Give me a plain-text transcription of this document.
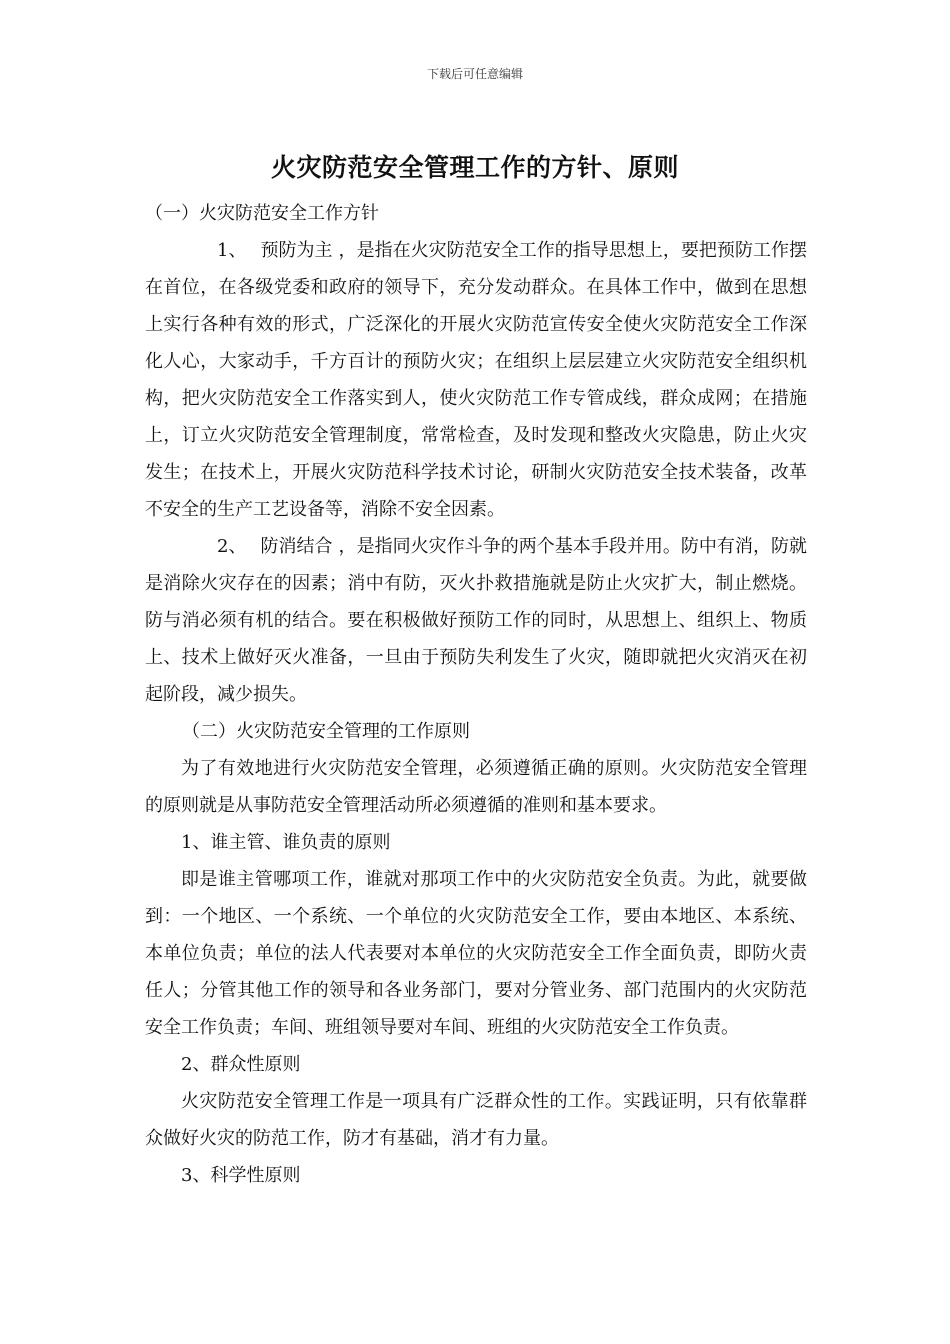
下载后可任意编辑
火灾防范安全管理工作的方针、原则

（一）火灾防范安全工作方针

1、 预防为主 ，是指在火灾防范安全工作的指导思想上，要把预防工作摆在首位，在各级党委和政府的领导下，充分发动群众。在具体工作中，做到在思想上实行各种有效的形式，广泛深化的开展火灾防范宣传安全使火灾防范安全工作深化人心，大家动手，千方百计的预防火灾；在组织上层层建立火灾防范安全组织机构，把火灾防范安全工作落实到人，使火灾防范工作专管成线，群众成网；在措施上，订立火灾防范安全管理制度，常常检查，及时发现和整改火灾隐患，防止火灾发生；在技术上，开展火灾防范科学技术讨论，研制火灾防范安全技术装备，改革不安全的生产工艺设备等，消除不安全因素。

2、 防消结合 ，是指同火灾作斗争的两个基本手段并用。防中有消，防就是消除火灾存在的因素；消中有防，灭火扑救措施就是防止火灾扩大，制止燃烧。防与消必须有机的结合。要在积极做好预防工作的同时，从思想上、组织上、物质上、技术上做好灭火准备，一旦由于预防失利发生了火灾，随即就把火灾消灭在初起阶段，减少损失。

（二）火灾防范安全管理的工作原则

为了有效地进行火灾防范安全管理，必须遵循正确的原则。火灾防范安全管理的原则就是从事防范安全管理活动所必须遵循的准则和基本要求。

1、谁主管、谁负责的原则

即是谁主管哪项工作，谁就对那项工作中的火灾防范安全负责。为此，就要做到：一个地区、一个系统、一个单位的火灾防范安全工作，要由本地区、本系统、本单位负责；单位的法人代表要对本单位的火灾防范安全工作全面负责，即防火责任人；分管其他工作的领导和各业务部门，要对分管业务、部门范围内的火灾防范安全工作负责；车间、班组领导要对车间、班组的火灾防范安全工作负责。

2、群众性原则

火灾防范安全管理工作是一项具有广泛群众性的工作。实践证明，只有依靠群众做好火灾的防范工作，防才有基础，消才有力量。

3、科学性原则
